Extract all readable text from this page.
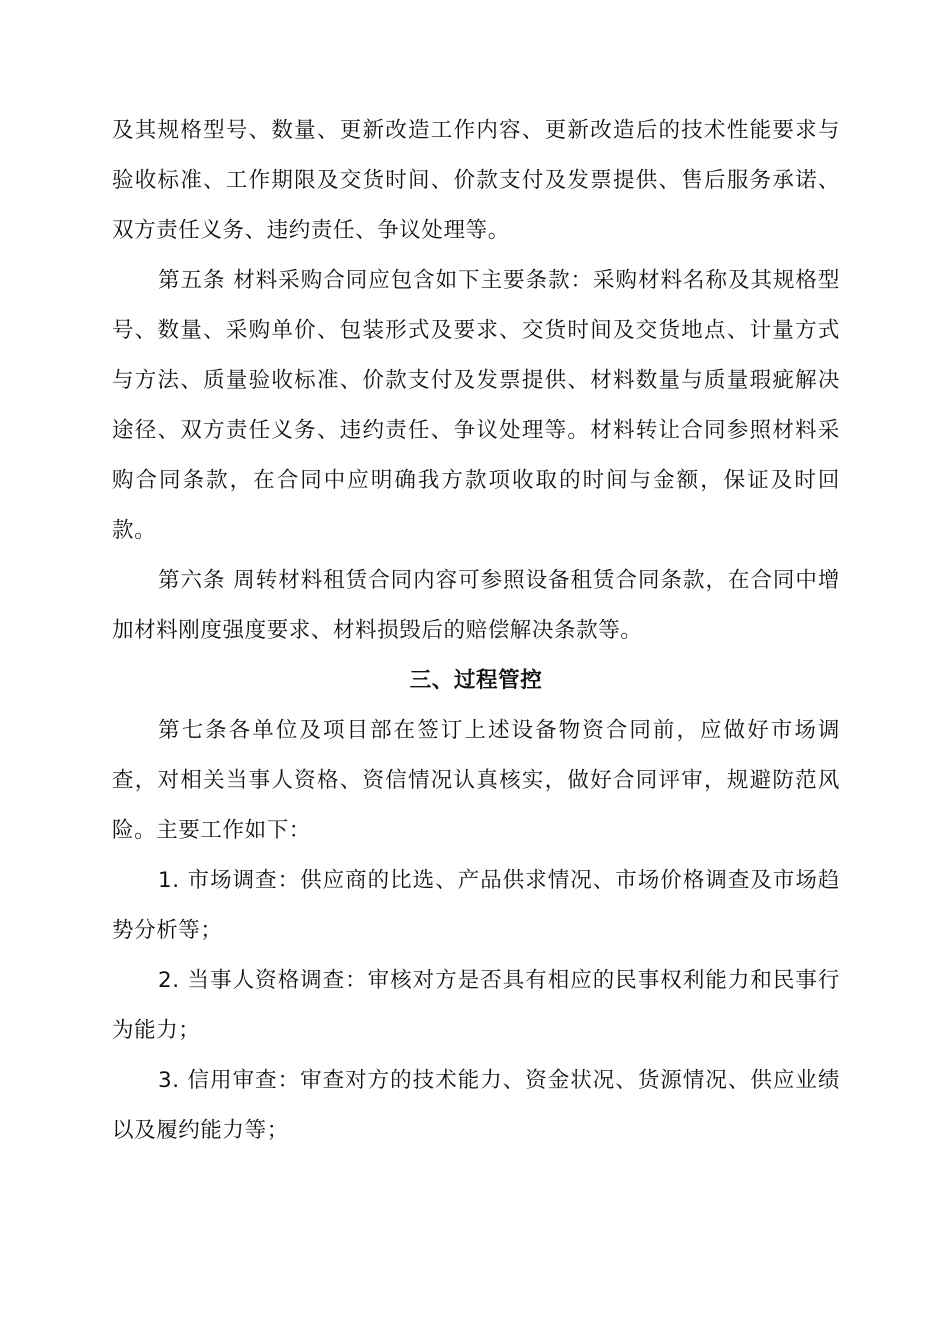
及其规格型号、数量、更新改造工作内容、更新改造后的技术性能要求与验收标准、工作期限及交货时间、价款支付及发票提供、售后服务承诺、双方责任义务、违约责任、争议处理等。

第五条 材料采购合同应包含如下主要条款：采购材料名称及其规格型号、数量、采购单价、包装形式及要求、交货时间及交货地点、计量方式与方法、质量验收标准、价款支付及发票提供、材料数量与质量瑕疵解决途径、双方责任义务、违约责任、争议处理等。材料转让合同参照材料采购合同条款，在合同中应明确我方款项收取的时间与金额，保证及时回款。

第六条 周转材料租赁合同内容可参照设备租赁合同条款，在合同中增加材料刚度强度要求、材料损毁后的赔偿解决条款等。

三、过程管控

第七条各单位及项目部在签订上述设备物资合同前，应做好市场调查，对相关当事人资格、资信情况认真核实，做好合同评审，规避防范风险。主要工作如下：

1. 市场调查：供应商的比选、产品供求情况、市场价格调查及市场趋势分析等；

2. 当事人资格调查：审核对方是否具有相应的民事权利能力和民事行为能力；

3. 信用审查：审查对方的技术能力、资金状况、货源情况、供应业绩以及履约能力等；
